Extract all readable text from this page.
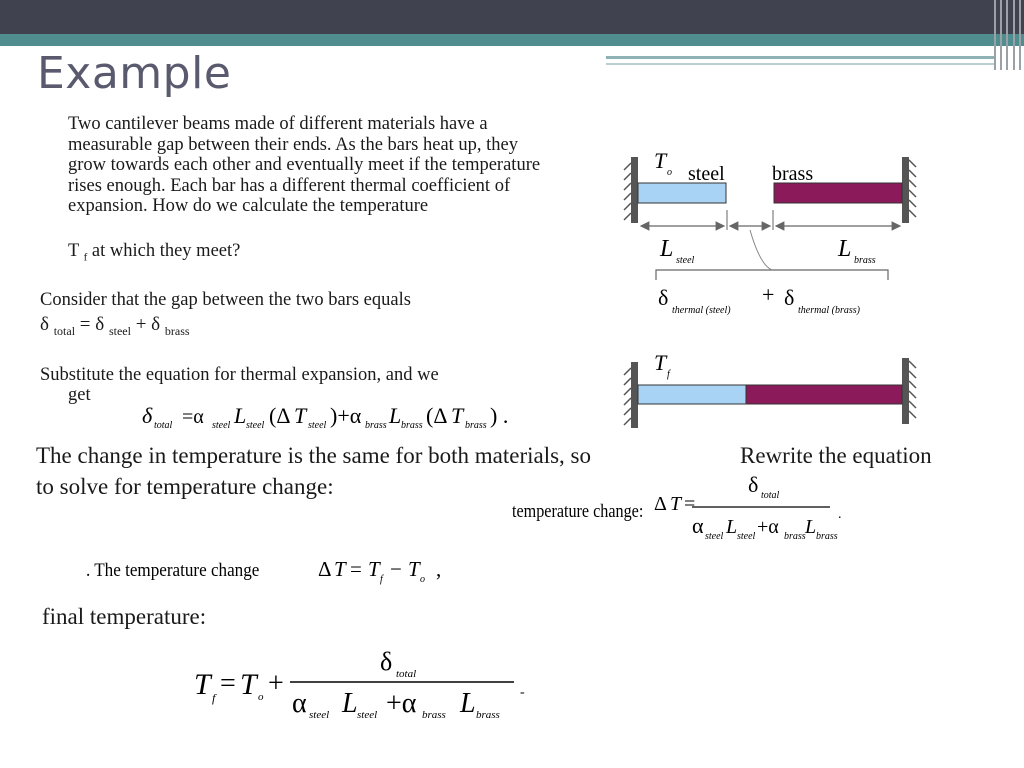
Example

Two cantilever beams made of different materials have a measurable gap between their ends. As the bars heat up, they grow towards each other and eventually meet if the temperature rises enough. Each bar has a different thermal coefficient of expansion. How do we calculate the temperature

T $_f$ at which they meet?

Consider that the gap between the two bars equals

δ $_{total}$ = δ $_{steel}$ + δ $_{brass}$

Substitute the equation for thermal expansion, and we
get

δ total =α steel L steel (Δ T steel )+α brass L brass (Δ T brass ) .
T o steel brass
L steel	L brass
δ
thermal (steel)
+ δ
thermal (brass)
T f
The change in temperature is the same for both materials, so
to solve for temperature change:
Rewrite the equation
temperature change: Δ T =
δ total
α steel L steel +α brass L brass
.
. The temperature change	Δ T = T f − T o ,
final temperature:
T f = T o +
δ total
α steel L steel +α brass L brass
-
